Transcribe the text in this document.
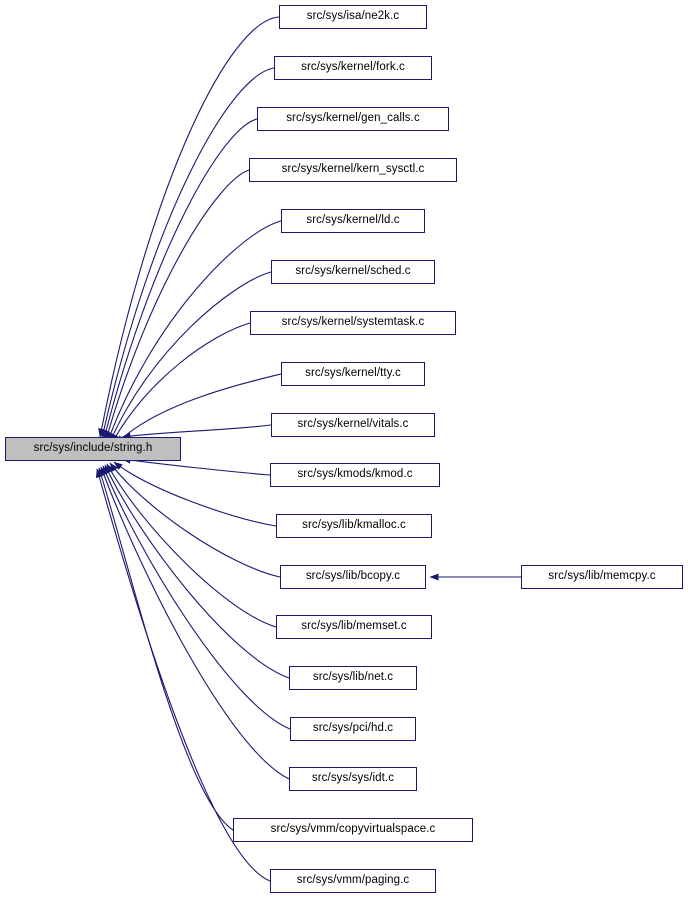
src/sys/include/string.h
src/sys/isa/ne2k.c
src/sys/kernel/fork.c
src/sys/kernel/gen_calls.c
src/sys/kernel/kern_sysctl.c
src/sys/kernel/ld.c
src/sys/kernel/sched.c
src/sys/kernel/systemtask.c
src/sys/kernel/tty.c
src/sys/kernel/vitals.c
src/sys/kmods/kmod.c
src/sys/lib/kmalloc.c
src/sys/lib/bcopy.c
src/sys/lib/memset.c
src/sys/lib/net.c
src/sys/pci/hd.c
src/sys/sys/idt.c
src/sys/vmm/copyvirtualspace.c
src/sys/vmm/paging.c
src/sys/lib/memcpy.c
